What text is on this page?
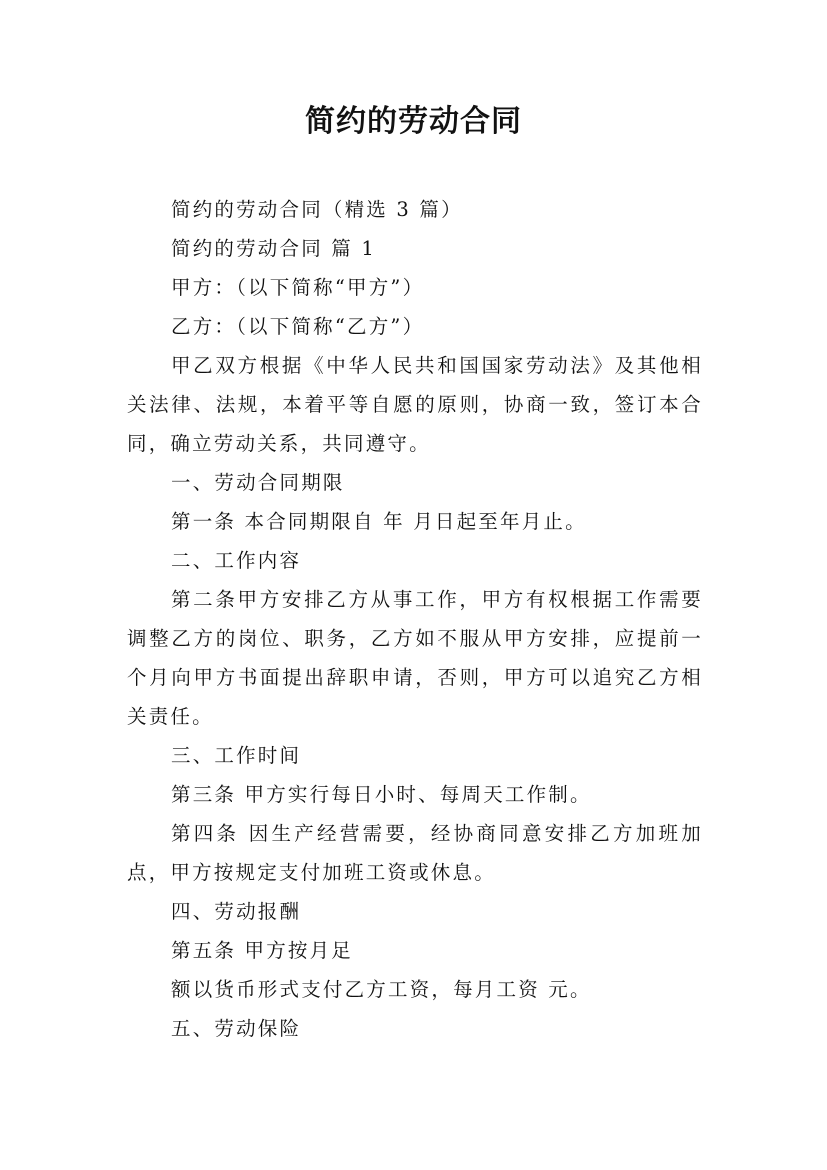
简约的劳动合同

简约的劳动合同（精选 3 篇）

简约的劳动合同 篇 1

甲方：（以下简称“甲方”）

乙方：（以下简称“乙方”）

甲乙双方根据《中华人民共和国国家劳动法》及其他相关法律、法规，本着平等自愿的原则，协商一致，签订本合同，确立劳动关系，共同遵守。

一、劳动合同期限

第一条 本合同期限自 年 月日起至年月止。

二、工作内容

第二条甲方安排乙方从事工作，甲方有权根据工作需要调整乙方的岗位、职务，乙方如不服从甲方安排，应提前一个月向甲方书面提出辞职申请，否则，甲方可以追究乙方相关责任。

三、工作时间

第三条 甲方实行每日小时、每周天工作制。

第四条 因生产经营需要，经协商同意安排乙方加班加点，甲方按规定支付加班工资或休息。

四、劳动报酬

第五条 甲方按月足

额以货币形式支付乙方工资，每月工资 元。

五、劳动保险
